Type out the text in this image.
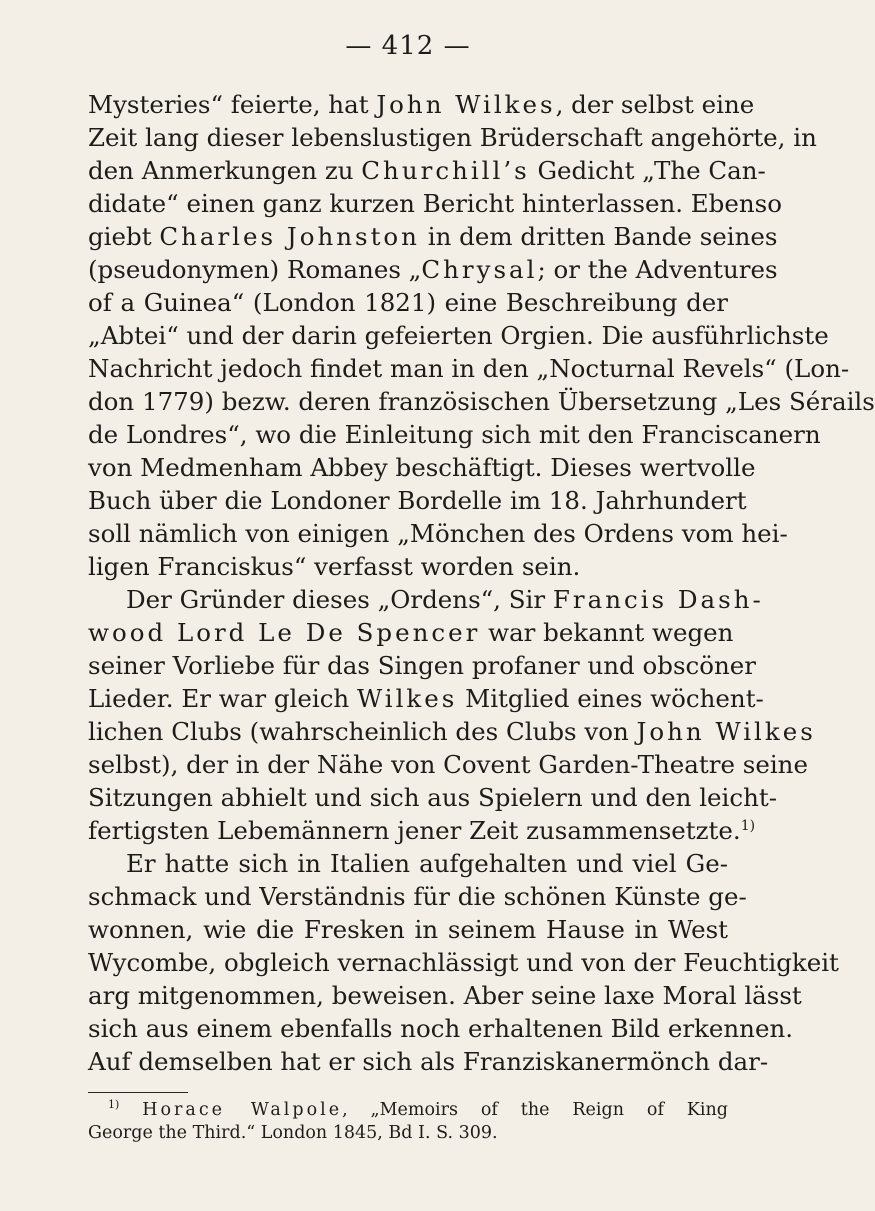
— 412 —
Mysteries“ feierte, hat John Wilkes, der selbst eine
Zeit lang dieser lebenslustigen Brüderschaft angehörte, in
den Anmerkungen zu Churchill’s Gedicht „The Can-
didate“ einen ganz kurzen Bericht hinterlassen. Ebenso
giebt Charles Johnston in dem dritten Bande seines
(pseudonymen) Romanes „Chrysal; or the Adventures
of a Guinea“ (London 1821) eine Beschreibung der
„Abtei“ und der darin gefeierten Orgien. Die ausführlichste
Nachricht jedoch findet man in den „Nocturnal Revels“ (Lon-
don 1779) bezw. deren französischen Übersetzung „Les Sérails
de Londres“, wo die Einleitung sich mit den Franciscanern
von Medmenham Abbey beschäftigt. Dieses wertvolle
Buch über die Londoner Bordelle im 18. Jahrhundert
soll nämlich von einigen „Mönchen des Ordens vom hei-
ligen Franciskus“ verfasst worden sein.
Der Gründer dieses „Ordens“, Sir Francis Dash-
wood Lord Le De Spencer war bekannt wegen
seiner Vorliebe für das Singen profaner und obscöner
Lieder. Er war gleich Wilkes Mitglied eines wöchent-
lichen Clubs (wahrscheinlich des Clubs von John Wilkes
selbst), der in der Nähe von Covent Garden-Theatre seine
Sitzungen abhielt und sich aus Spielern und den leicht-
fertigsten Lebemännern jener Zeit zusammensetzte.$^{1)}$
Er hatte sich in Italien aufgehalten und viel Ge-
schmack und Verständnis für die schönen Künste ge-
wonnen, wie die Fresken in seinem Hause in West
Wycombe, obgleich vernachlässigt und von der Feuchtigkeit
arg mitgenommen, beweisen. Aber seine laxe Moral lässt
sich aus einem ebenfalls noch erhaltenen Bild erkennen.
Auf demselben hat er sich als Franziskanermönch dar-
$^{1)}$ Horace Walpole, „Memoirs of the Reign of King
George the Third.“ London 1845, Bd I. S. 309.
